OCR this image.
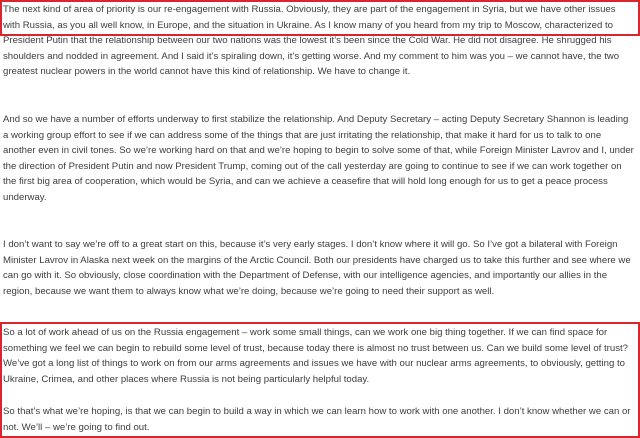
The next kind of area of priority is our re-engagement with Russia. Obviously, they are part of the engagement in Syria, but we have other issues with Russia, as you all well know, in Europe, and the situation in Ukraine. As I know many of you heard from my trip to Moscow, characterized to President Putin that the relationship between our two nations was the lowest it’s been since the Cold War. He did not disagree. He shrugged his shoulders and nodded in agreement. And I said it’s spiraling down, it’s getting worse. And my comment to him was you – we cannot have, the two greatest nuclear powers in the world cannot have this kind of relationship. We have to change it.

And so we have a number of efforts underway to first stabilize the relationship. And Deputy Secretary – acting Deputy Secretary Shannon is leading a working group effort to see if we can address some of the things that are just irritating the relationship, that make it hard for us to talk to one another even in civil tones. So we’re working hard on that and we’re hoping to begin to solve some of that, while Foreign Minister Lavrov and I, under the direction of President Putin and now President Trump, coming out of the call yesterday are going to continue to see if we can work together on the first big area of cooperation, which would be Syria, and can we achieve a ceasefire that will hold long enough for us to get a peace process underway.

I don’t want to say we’re off to a great start on this, because it’s very early stages. I don’t know where it will go. So I’ve got a bilateral with Foreign Minister Lavrov in Alaska next week on the margins of the Arctic Council. Both our presidents have charged us to take this further and see where we can go with it. So obviously, close coordination with the Department of Defense, with our intelligence agencies, and importantly our allies in the region, because we want them to always know what we’re doing, because we’re going to need their support as well.

So a lot of work ahead of us on the Russia engagement – work some small things, can we work one big thing together. If we can find space for something we feel we can begin to rebuild some level of trust, because today there is almost no trust between us. Can we build some level of trust? We’ve got a long list of things to work on from our arms agreements and issues we have with our nuclear arms agreements, to obviously, getting to Ukraine, Crimea, and other places where Russia is not being particularly helpful today.

So that’s what we’re hoping, is that we can begin to build a way in which we can learn how to work with one another. I don’t know whether we can or not. We’ll – we’re going to find out.
